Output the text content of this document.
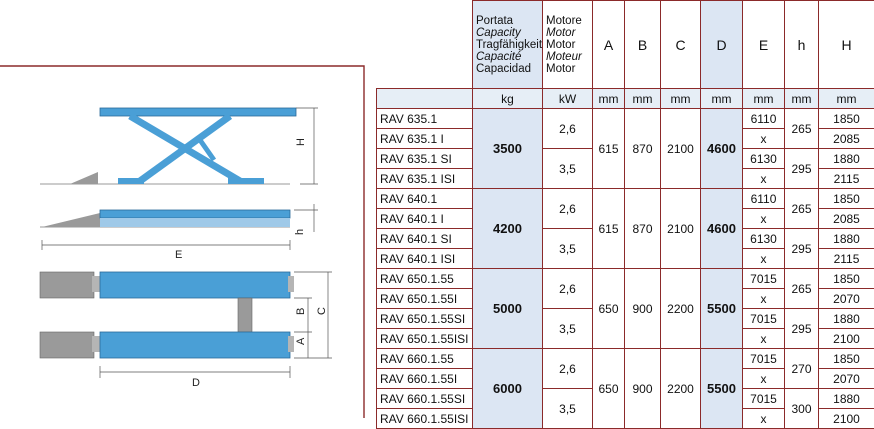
H
h
E
A
B C
D

	Portata
Capacity
Tragfähigkeit
Capacité
Capacidad	Motore
Motor
Motor
Moteur
Motor	A	B	C	D	E	h	H
	kg	kW	mm	mm	mm	mm	mm	mm	mm
RAV 635.1	3500	2,6	615	870	2100	4600	6110	265	1850
RAV 635.1 I							x		2085
RAV 635.1 SI		3,5					6130	295	1880
RAV 635.1 ISI							x		2115
RAV 640.1	4200	2,6	615	870	2100	4600	6110	265	1850
RAV 640.1 I							x		2085
RAV 640.1 SI		3,5					6130	295	1880
RAV 640.1 ISI							x		2115
RAV 650.1.55	5000	2,6	650	900	2200	5500	7015	265	1850
RAV 650.1.55I							x		2070
RAV 650.1.55SI		3,5					7015	295	1880
RAV 650.1.55ISI							x		2100
RAV 660.1.55	6000	2,6	650	900	2200	5500	7015	270	1850
RAV 660.1.55I							x		2070
RAV 660.1.55SI		3,5					7015	300	1880
RAV 660.1.55ISI							x		2100
